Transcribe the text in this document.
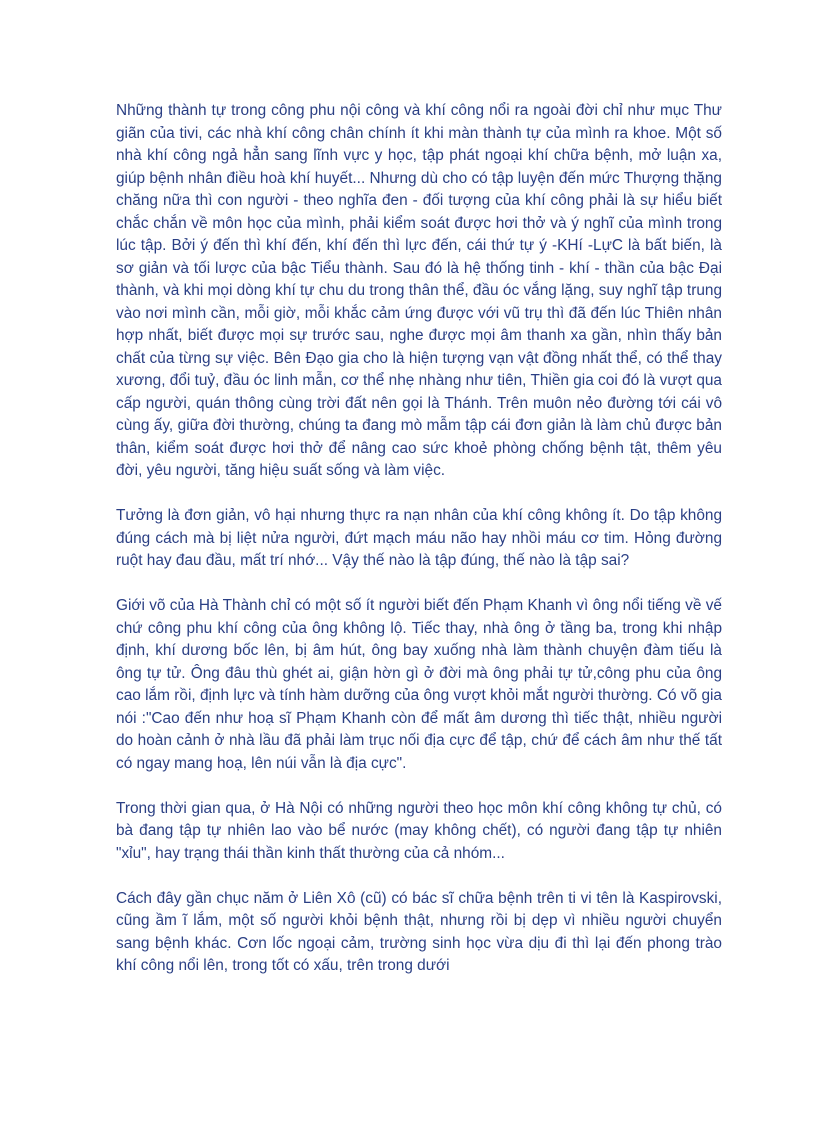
Những thành tự trong công phu nội công và khí công nổi ra ngoài đời chỉ như mục Thư giãn của tivi, các nhà khí công chân chính ít khi màn thành tự của mình ra khoe. Một số nhà khí công ngả hẳn sang lĩnh vực y học, tập phát ngoại khí chữa bệnh, mở luận xa, giúp bệnh nhân điều hoà khí huyết... Nhưng dù cho có tập luyện đến mức Thượng thặng chăng nữa thì con người - theo nghĩa đen - đối tượng của khí công phải là sự hiểu biết chắc chắn về môn học của mình, phải kiểm soát được hơi thở và ý nghĩ của mình trong lúc tập. Bởi ý đến thì khí đến, khí đến thì lực đến, cái thứ tự ý -KHí -LựC là bất biến, là sơ giản và tối lược của bậc Tiểu thành. Sau đó là hệ thống tinh - khí - thần của bậc Đại thành, và khi mọi dòng khí tự chu du trong thân thể, đầu óc vắng lặng, suy nghĩ tập trung vào nơi mình cần, mỗi giờ, mỗi khắc cảm ứng được với vũ trụ thì đã đến lúc Thiên nhân hợp nhất, biết được mọi sự trước sau, nghe được mọi âm thanh xa gần, nhìn thấy bản chất của từng sự việc. Bên Đạo gia cho là hiện tượng vạn vật đồng nhất thể, có thể thay xương, đổi tuỷ, đầu óc linh mẫn, cơ thể nhẹ nhàng như tiên, Thiền gia coi đó là vượt qua cấp người, quán thông cùng trời đất nên gọi là Thánh. Trên muôn nẻo đường tới cái vô cùng ấy, giữa đời thường, chúng ta đang mò mẫm tập cái đơn giản là làm chủ được bản thân, kiểm soát được hơi thở để nâng cao sức khoẻ phòng chống bệnh tật, thêm yêu đời, yêu người, tăng hiệu suất sống và làm việc.

Tưởng là đơn giản, vô hại nhưng thực ra nạn nhân của khí công không ít. Do tập không đúng cách mà bị liệt nửa người, đứt mạch máu não hay nhồi máu cơ tim. Hỏng đường ruột hay đau đầu, mất trí nhớ... Vậy thế nào là tập đúng, thế nào là tập sai?

Giới võ của Hà Thành chỉ có một số ít người biết đến Phạm Khanh vì ông nổi tiếng về vế chứ công phu khí công của ông không lộ. Tiếc thay, nhà ông ở tầng ba, trong khi nhập định, khí dương bốc lên, bị âm hút, ông bay xuống nhà làm thành chuyện đàm tiếu là ông tự tử. Ông đâu thù ghét ai, giận hờn gì ở đời mà ông phải tự tử,công phu của ông cao lắm rồi, định lực và tính hàm dưỡng của ông vượt khỏi mắt người thường. Có võ gia nói :"Cao đến như hoạ sĩ Phạm Khanh còn để mất âm dương thì tiếc thật, nhiều người do hoàn cảnh ở nhà lầu đã phải làm trục nối địa cực để tập, chứ để cách âm như thế tất có ngay mang hoạ, lên núi vẫn là địa cực".

Trong thời gian qua, ở Hà Nội có những người theo học môn khí công không tự chủ, có bà đang tập tự nhiên lao vào bể nước (may không chết), có người đang tập tự nhiên "xỉu", hay trạng thái thần kinh thất thường của cả nhóm...

Cách đây gần chục năm ở Liên Xô (cũ) có bác sĩ chữa bệnh trên ti vi tên là Kaspirovski, cũng ầm ĩ lắm, một số người khỏi bệnh thật, nhưng rồi bị dẹp vì nhiều người chuyển sang bệnh khác. Cơn lốc ngoại cảm, trường sinh học vừa dịu đi thì lại đến phong trào khí công nổi lên, trong tốt có xấu, trên trong dưới
